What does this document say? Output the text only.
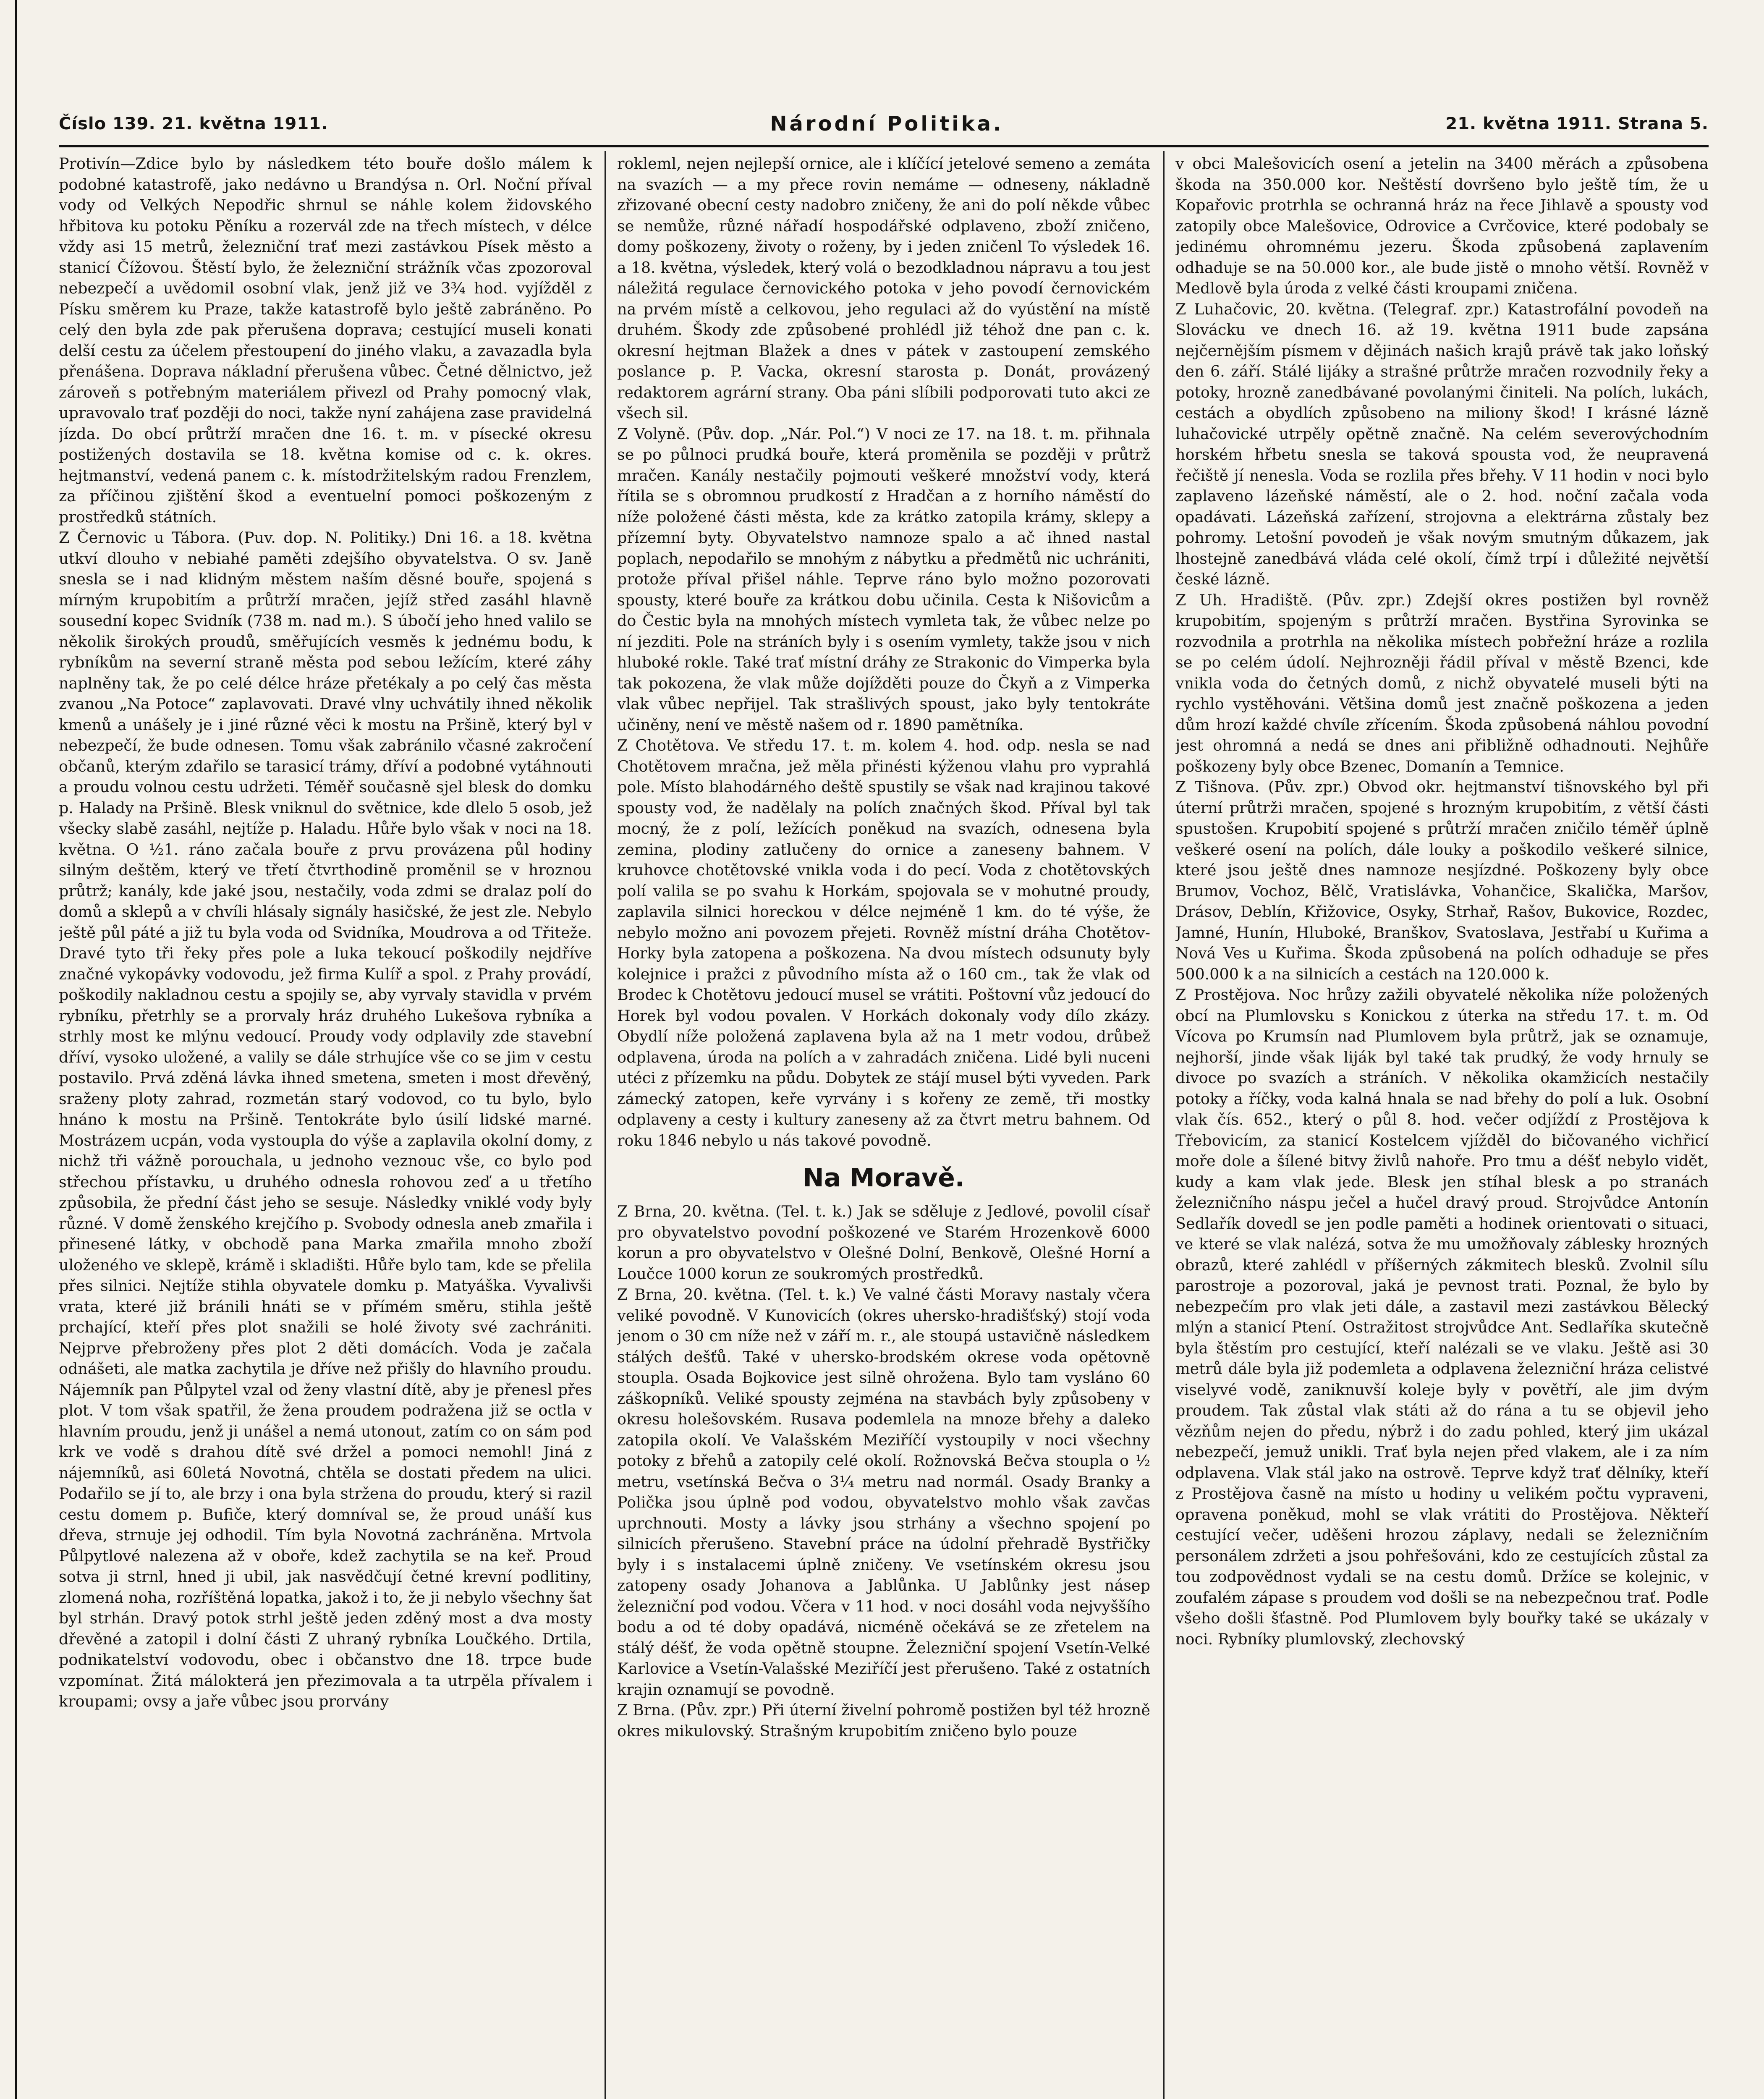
Číslo 139. 21. května 1911.	Národní Politika.	21. května 1911. Strana 5.

Protivín—Zdice bylo by následkem této bouře došlo málem k podobné katastrofě, jako nedávno u Brandýsa n. Orl. Noční příval vody od Velkých Nepodřic shrnul se náhle kolem židovského hřbitova ku potoku Pěníku a rozervál zde na třech místech, v délce vždy asi 15 metrů, železniční trať mezi zastávkou Písek město a stanicí Čížovou. Štěstí bylo, že železniční strážník včas zpozoroval nebezpečí a uvědomil osobní vlak, jenž již ve 3¾ hod. vyjížděl z Písku směrem ku Praze, takže katastrofě bylo ještě zabráněno. Po celý den byla zde pak přerušena doprava; cestující museli konati delší cestu za účelem přestoupení do jiného vlaku, a zavazadla byla přenášena. Doprava nákladní přerušena vůbec. Četné dělnictvo, jež zároveň s potřebným materiálem přivezl od Prahy pomocný vlak, upravovalo trať později do noci, takže nyní zahájena zase pravidelná jízda. Do obcí průtrží mračen dne 16. t. m. v písecké okresu postižených dostavila se 18. května komise od c. k. okres. hejtmanství, vedená panem c. k. místodržitelským radou Frenzlem, za příčinou zjištění škod a eventuelní pomoci poškozeným z prostředků státních.

Z Černovic u Tábora. (Puv. dop. N. Politiky.) Dni 16. a 18. května utkví dlouho v nebiahé paměti zdejšího obyvatelstva. O sv. Janě snesla se i nad klidným městem naším děsné bouře, spojená s mírným krupobitím a průtrží mračen, jejíž střed zasáhl hlavně sousední kopec Svidník (738 m. nad m.). S úbočí jeho hned valilo se několik širokých proudů, směřujících vesměs k jednému bodu, k rybníkům na severní straně města pod sebou ležícím, které záhy naplněny tak, že po celé délce hráze přetékaly a po celý čas města zvanou „Na Potoce“ zaplavovati. Dravé vlny uchvátily ihned několik kmenů a unášely je i jiné různé věci k mostu na Pršině, který byl v nebezpečí, že bude odnesen. Tomu však zabránilo včasné zakročení občanů, kterým zdařilo se tarasicí trámy, dříví a podobné vytáhnouti a proudu volnou cestu udržeti. Téměř současně sjel blesk do domku p. Halady na Pršině. Blesk vniknul do světnice, kde dlelo 5 osob, jež všecky slabě zasáhl, nejtíže p. Haladu. Hůře bylo však v noci na 18. května. O ½1. ráno začala bouře z prvu provázena půl hodiny silným deštěm, který ve třetí čtvrthodině proměnil se v hroznou průtrž; kanály, kde jaké jsou, nestačily, voda zdmi se dralaz polí do domů a sklepů a v chvíli hlásaly signály hasičské, že jest zle. Nebylo ještě půl páté a již tu byla voda od Svidníka, Moudrova a od Třiteže. Dravé tyto tři řeky přes pole a luka tekoucí poškodily nejdříve značné vykopávky vodovodu, jež firma Kulíř a spol. z Prahy provádí, poškodily nakladnou cestu a spojily se, aby vyrvaly stavidla v prvém rybníku, přetrhly se a prorvaly hráz druhého Lukešova rybníka a strhly most ke mlýnu vedoucí. Proudy vody odplavily zde stavební dříví, vysoko uložené, a valily se dále strhujíce vše co se jim v cestu postavilo. Prvá zděná lávka ihned smetena, smeten i most dřevěný, sraženy ploty zahrad, rozmetán starý vodovod, co tu bylo, bylo hnáno k mostu na Pršině. Tentokráte bylo úsilí lidské marné. Mostrázem ucpán, voda vystoupla do výše a zaplavila okolní domy, z nichž tři vážně porouchala, u jednoho veznouc vše, co bylo pod střechou přístavku, u druhého odnesla rohovou zeď a u třetího způsobila, že přední část jeho se sesuje. Následky vniklé vody byly různé. V domě ženského krejčího p. Svobody odnesla aneb zmařila i přinesené látky, v obchodě pana Marka zmařila mnoho zboží uloženého ve sklepě, krámě i skladišti. Hůře bylo tam, kde se přelila přes silnici. Nejtíže stihla obyvatele domku p. Matyáška. Vyvalivši vrata, které již bránili hnáti se v přímém směru, stihla ještě prchající, kteří přes plot snažili se holé životy své zachrániti. Nejprve přebroženy přes plot 2 děti domácích. Voda je začala odnášeti, ale matka zachytila je dříve než přišly do hlavního proudu. Nájemník pan Půlpytel vzal od ženy vlastní dítě, aby je přenesl přes plot. V tom však spatřil, že žena proudem podražena již se octla v hlavním proudu, jenž ji unášel a nemá utonout, zatím co on sám pod krk ve vodě s drahou dítě své držel a pomoci nemohl! Jiná z nájemníků, asi 60letá Novotná, chtěla se dostati předem na ulici. Podařilo se jí to, ale brzy i ona byla stržena do proudu, který si razil cestu domem p. Bufiče, který domníval se, že proud unáší kus dřeva, strnuje jej odhodil. Tím byla Novotná zachráněna. Mrtvola Půlpytlové nalezena až v oboře, kdež zachytila se na keř. Proud sotva ji strnl, hned ji ubil, jak nasvědčují četné krevní podlitiny, zlomená noha, rozříštěná lopatka, jakož i to, že ji nebylo všechny šat byl strhán. Dravý potok strhl ještě jeden zděný most a dva mosty dřevěné a zatopil i dolní části Z uhraný rybníka Loučkého. Drtila, podnikatelství vodovodu, obec i občanstvo dne 18. trpce bude vzpomínat. Žitá málokterá jen přezimovala a ta utrpěla přívalem i kroupami; ovsy a jaře vůbec jsou prorvány

rokleml, nejen nejlepší ornice, ale i klíčící jetelové semeno a zemáta na svazích — a my přece rovin nemáme — odneseny, nákladně zřizované obecní cesty nadobro zničeny, že ani do polí někde vůbec se nemůže, různé nářadí hospodářské odplaveno, zboží zničeno, domy poškozeny, životy o roženy, by i jeden zničenl To výsledek 16. a 18. května, výsledek, který volá o bezodkladnou nápravu a tou jest náležitá regulace černovického potoka v jeho povodí černovickém na prvém místě a celkovou, jeho regulaci až do vyústění na místě druhém. Škody zde způsobené prohlédl již téhož dne pan c. k. okresní hejtman Blažek a dnes v pátek v zastoupení zemského poslance p. P. Vacka, okresní starosta p. Donát, provázený redaktorem agrární strany. Oba páni slíbili podporovati tuto akci ze všech sil.

Z Volyně. (Pův. dop. „Nár. Pol.“) V noci ze 17. na 18. t. m. přihnala se po půlnoci prudká bouře, která proměnila se později v průtrž mračen. Kanály nestačily pojmouti veškeré množství vody, která řítila se s obromnou prudkostí z Hradčan a z horního náměstí do níže položené části města, kde za krátko zatopila krámy, sklepy a přízemní byty. Obyvatelstvo namnoze spalo a ač ihned nastal poplach, nepodařilo se mnohým z nábytku a předmětů nic uchrániti, protože příval přišel náhle. Teprve ráno bylo možno pozorovati spousty, které bouře za krátkou dobu učinila. Cesta k Nišovicům a do Čestic byla na mnohých místech vymleta tak, že vůbec nelze po ní jezditi. Pole na stráních byly i s osením vymlety, takže jsou v nich hluboké rokle. Také trať místní dráhy ze Strakonic do Vimperka byla tak pokozena, že vlak může dojížděti pouze do Čkyň a z Vimperka vlak vůbec nepřijel. Tak strašlivých spoust, jako byly tentokráte učiněny, není ve městě našem od r. 1890 pamětníka.

Z Chotětova. Ve středu 17. t. m. kolem 4. hod. odp. nesla se nad Chotětovem mračna, jež měla přinésti kýženou vlahu pro vyprahlá pole. Místo blahodárného deště spustily se však nad krajinou takové spousty vod, že nadělaly na polích značných škod. Příval byl tak mocný, že z polí, ležících poněkud na svazích, odnesena byla zemina, plodiny zatlučeny do ornice a zaneseny bahnem. V kruhovce chotětovské vnikla voda i do pecí. Voda z chotětovských polí valila se po svahu k Horkám, spojovala se v mohutné proudy, zaplavila silnici horeckou v délce nejméně 1 km. do té výše, že nebylo možno ani povozem přejeti. Rovněž místní dráha Chotětov-Horky byla zatopena a poškozena. Na dvou místech odsunuty byly kolejnice i pražci z původního místa až o 160 cm., tak že vlak od Brodec k Chotětovu jedoucí musel se vrátiti. Poštovní vůz jedoucí do Horek byl vodou povalen. V Horkách dokonaly vody dílo zkázy. Obydlí níže položená zaplavena byla až na 1 metr vodou, drůbež odplavena, úroda na polích a v zahradách zničena. Lidé byli nuceni utéci z přízemku na půdu. Dobytek ze stájí musel býti vyveden. Park zámecký zatopen, keře vyrvány i s kořeny ze země, tři mostky odplaveny a cesty i kultury zaneseny až za čtvrt metru bahnem. Od roku 1846 nebylo u nás takové povodně.

Na Moravě.

Z Brna, 20. května. (Tel. t. k.) Jak se sděluje z Jedlové, povolil císař pro obyvatelstvo povodní poškozené ve Starém Hrozenkově 6000 korun a pro obyvatelstvo v Olešné Dolní, Benkově, Olešné Horní a Loučce 1000 korun ze soukromých prostředků.

Z Brna, 20. května. (Tel. t. k.) Ve valné části Moravy nastaly včera veliké povodně. V Kunovicích (okres uhersko-hradišťský) stojí voda jenom o 30 cm níže než v září m. r., ale stoupá ustavičně následkem stálých dešťů. Také v uhersko-brodském okrese voda opětovně stoupla. Osada Bojkovice jest silně ohrožena. Bylo tam vysláno 60 záškopníků. Veliké spousty zejména na stavbách byly způsobeny v okresu holešovském. Rusava podemlela na mnoze břehy a daleko zatopila okolí. Ve Valašském Meziříčí vystoupily v noci všechny potoky z břehů a zatopily celé okolí. Rožnovská Bečva stoupla o ½ metru, vsetínská Bečva o 3¼ metru nad normál. Osady Branky a Polička jsou úplně pod vodou, obyvatelstvo mohlo však zavčas uprchnouti. Mosty a lávky jsou strhány a všechno spojení po silnicích přerušeno. Stavební práce na údolní přehradě Bystřičky byly i s instalacemi úplně zničeny. Ve vsetínském okresu jsou zatopeny osady Johanova a Jablůnka. U Jablůnky jest násep železniční pod vodou. Včera v 11 hod. v noci dosáhl voda nejvyššího bodu a od té doby opadává, nicméně očekává se ze zřetelem na stálý déšť, že voda opětně stoupne. Železniční spojení Vsetín-Velké Karlovice a Vsetín-Valašské Meziříčí jest přerušeno. Také z ostatních krajin oznamují se povodně.

Z Brna. (Pův. zpr.) Při úterní živelní pohromě postižen byl též hrozně okres mikulovský. Strašným krupobitím zničeno bylo pouze

v obci Malešovicích osení a jetelin na 3400 měrách a způsobena škoda na 350.000 kor. Neštěstí dovršeno bylo ještě tím, že u Kopařovic protrhla se ochranná hráz na řece Jihlavě a spousty vod zatopily obce Malešovice, Odrovice a Cvrčovice, které podobaly se jedinému ohromnému jezeru. Škoda způsobená zaplavením odhaduje se na 50.000 kor., ale bude jistě o mnoho větší. Rovněž v Medlově byla úroda z velké části kroupami zničena.

Z Luhačovic, 20. května. (Telegraf. zpr.) Katastrofální povodeň na Slovácku ve dnech 16. až 19. května 1911 bude zapsána nejčernějším písmem v dějinách našich krajů právě tak jako loňský den 6. září. Stálé lijáky a strašné průtrže mračen rozvodnily řeky a potoky, hrozně zanedbávané povolanými činiteli. Na polích, lukách, cestách a obydlích způsobeno na miliony škod! I krásné lázně luhačovické utrpěly opětně značně. Na celém severovýchodním horském hřbetu snesla se taková spousta vod, že neupravená řečiště jí nenesla. Voda se rozlila přes břehy. V 11 hodin v noci bylo zaplaveno lázeňské náměstí, ale o 2. hod. noční začala voda opadávati. Lázeňská zařízení, strojovna a elektrárna zůstaly bez pohromy. Letošní povodeň je však novým smutným důkazem, jak lhostejně zanedbává vláda celé okolí, čímž trpí i důležité největší české lázně.

Z Uh. Hradiště. (Pův. zpr.) Zdejší okres postižen byl rovněž krupobitím, spojeným s průtrží mračen. Bystřina Syrovinka se rozvodnila a protrhla na několika místech pobřežní hráze a rozlila se po celém údolí. Nejhrozněji řádil příval v městě Bzenci, kde vnikla voda do četných domů, z nichž obyvatelé museli býti na rychlo vystěhováni. Většina domů jest značně poškozena a jeden dům hrozí každé chvíle zřícením. Škoda způsobená náhlou povodní jest ohromná a nedá se dnes ani přibližně odhadnouti. Nejhůře poškozeny byly obce Bzenec, Domanín a Temnice.

Z Tišnova. (Pův. zpr.) Obvod okr. hejtmanství tišnovského byl při úterní průtrži mračen, spojené s hrozným krupobitím, z větší části spustošen. Krupobití spojené s průtrží mračen zničilo téměř úplně veškeré osení na polích, dále louky a poškodilo veškeré silnice, které jsou ještě dnes namnoze nesjízdné. Poškozeny byly obce Brumov, Vochoz, Bělč, Vratislávka, Vohančice, Skalička, Maršov, Drásov, Deblín, Křižovice, Osyky, Strhař, Rašov, Bukovice, Rozdec, Jamné, Hunín, Hluboké, Branškov, Svatoslava, Jestřabí u Kuřima a Nová Ves u Kuřima. Škoda způsobená na polích odhaduje se přes 500.000 k a na silnicích a cestách na 120.000 k.

Z Prostějova. Noc hrůzy zažili obyvatelé několika níže položených obcí na Plumlovsku s Konickou z úterka na středu 17. t. m. Od Vícova po Krumsín nad Plumlovem byla průtrž, jak se oznamuje, nejhorší, jinde však liják byl také tak prudký, že vody hrnuly se divoce po svazích a stráních. V několika okamžicích nestačily potoky a říčky, voda kalná hnala se nad břehy do polí a luk. Osobní vlak čís. 652., který o půl 8. hod. večer odjíždí z Prostějova k Třebovicím, za stanicí Kostelcem vjížděl do bičovaného vichřicí moře dole a šílené bitvy živlů nahoře. Pro tmu a déšť nebylo vidět, kudy a kam vlak jede. Blesk jen stíhal blesk a po stranách železničního náspu ječel a hučel dravý proud. Strojvůdce Antonín Sedlařík dovedl se jen podle paměti a hodinek orientovati o situaci, ve které se vlak nalézá, sotva že mu umožňovaly záblesky hrozných obrazů, které zahlédl v příšerných zákmitech blesků. Zvolnil sílu parostroje a pozoroval, jaká je pevnost trati. Poznal, že bylo by nebezpečím pro vlak jeti dále, a zastavil mezi zastávkou Bělecký mlýn a stanicí Ptení. Ostražitost strojvůdce Ant. Sedlaříka skutečně byla štěstím pro cestující, kteří nalézali se ve vlaku. Ještě asi 30 metrů dále byla již podemleta a odplavena železniční hráza celistvé viselyvé vodě, zaniknuvší koleje byly v povětří, ale jim dvým proudem. Tak zůstal vlak státi až do rána a tu se objevil jeho vězňům nejen do předu, nýbrž i do zadu pohled, který jim ukázal nebezpečí, jemuž unikli. Trať byla nejen před vlakem, ale i za ním odplavena. Vlak stál jako na ostrově. Teprve když trať dělníky, kteří z Prostějova časně na místo u hodiny u velikém počtu vypraveni, opravena poněkud, mohl se vlak vrátiti do Prostějova. Někteří cestující večer, uděšeni hrozou záplavy, nedali se železničním personálem zdržeti a jsou pohřešováni, kdo ze cestujících zůstal za tou zodpovědnost vydali se na cestu domů. Držíce se kolejnic, v zoufalém zápase s proudem vod došli se na nebezpečnou trať. Podle všeho došli šťastně. Pod Plumlovem byly bouřky také se ukázaly v noci. Rybníky plumlovský, zlechovský
